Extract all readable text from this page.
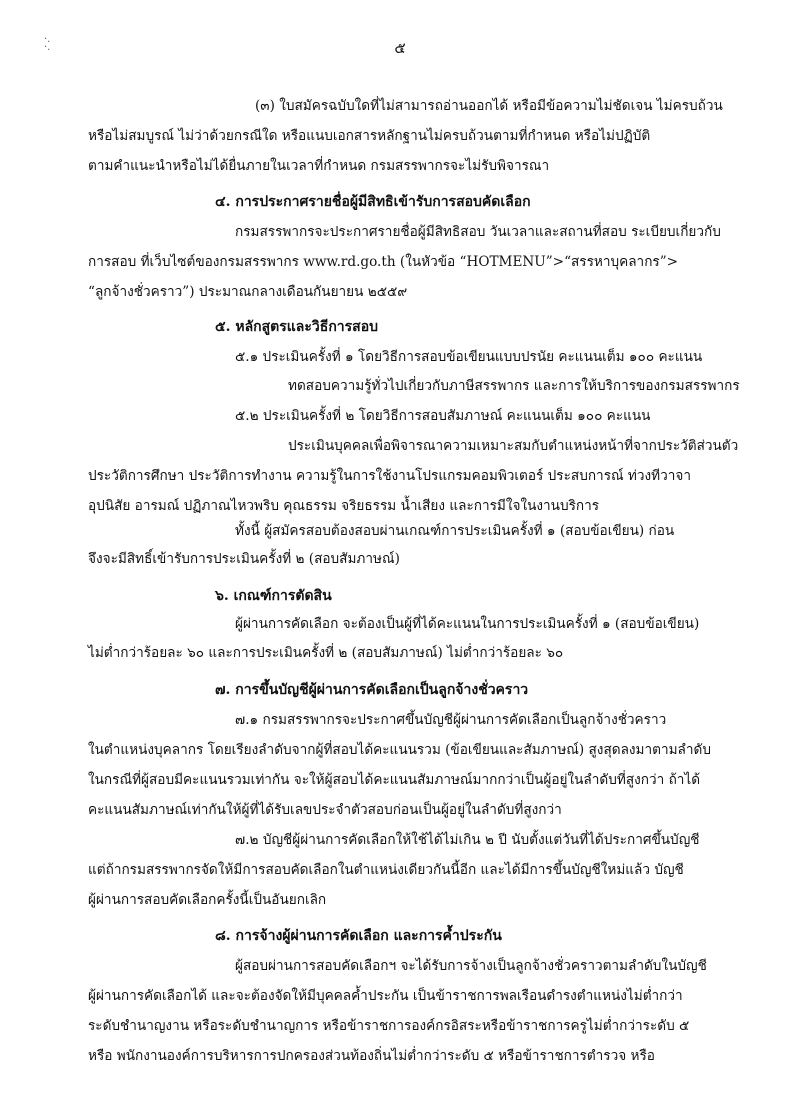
·.
·.	๕
(๓) ใบสมัครฉบับใดที่ไม่สามารถอ่านออกได้ หรือมีข้อความไม่ชัดเจน ไม่ครบถ้วน
หรือไม่สมบูรณ์ ไม่ว่าด้วยกรณีใด หรือแนบเอกสารหลักฐานไม่ครบถ้วนตามที่กำหนด หรือไม่ปฏิบัติ
ตามคำแนะนำหรือไม่ได้ยื่นภายในเวลาที่กำหนด กรมสรรพากรจะไม่รับพิจารณา
๔. การประกาศรายชื่อผู้มีสิทธิเข้ารับการสอบคัดเลือก
กรมสรรพากรจะประกาศรายชื่อผู้มีสิทธิสอบ วันเวลาและสถานที่สอบ ระเบียบเกี่ยวกับ
การสอบ ที่เว็บไซต์ของกรมสรรพากร www.rd.go.th (ในหัวข้อ “HOTMENU”>“สรรหาบุคลากร”>
“ลูกจ้างชั่วคราว”) ประมาณกลางเดือนกันยายน ๒๕๕๙
๕. หลักสูตรและวิธีการสอบ
๕.๑ ประเมินครั้งที่ ๑ โดยวิธีการสอบข้อเขียนแบบปรนัย คะแนนเต็ม ๑๐๐ คะแนน
ทดสอบความรู้ทั่วไปเกี่ยวกับภาษีสรรพากร และการให้บริการของกรมสรรพากร
๕.๒ ประเมินครั้งที่ ๒ โดยวิธีการสอบสัมภาษณ์ คะแนนเต็ม ๑๐๐ คะแนน
ประเมินบุคคลเพื่อพิจารณาความเหมาะสมกับตำแหน่งหน้าที่จากประวัติส่วนตัว
ประวัติการศึกษา ประวัติการทำงาน ความรู้ในการใช้งานโปรแกรมคอมพิวเตอร์ ประสบการณ์ ท่วงทีวาจา
อุปนิสัย อารมณ์ ปฏิภาณไหวพริบ คุณธรรม จริยธรรม น้ำเสียง และการมีใจในงานบริการ
ทั้งนี้ ผู้สมัครสอบต้องสอบผ่านเกณฑ์การประเมินครั้งที่ ๑ (สอบข้อเขียน) ก่อน
จึงจะมีสิทธิ์เข้ารับการประเมินครั้งที่ ๒ (สอบสัมภาษณ์)
๖. เกณฑ์การตัดสิน
ผู้ผ่านการคัดเลือก จะต้องเป็นผู้ที่ได้คะแนนในการประเมินครั้งที่ ๑ (สอบข้อเขียน)
ไม่ต่ำกว่าร้อยละ ๖๐ และการประเมินครั้งที่ ๒ (สอบสัมภาษณ์) ไม่ต่ำกว่าร้อยละ ๖๐
๗. การขึ้นบัญชีผู้ผ่านการคัดเลือกเป็นลูกจ้างชั่วคราว
๗.๑ กรมสรรพากรจะประกาศขึ้นบัญชีผู้ผ่านการคัดเลือกเป็นลูกจ้างชั่วคราว
ในตำแหน่งบุคลากร โดยเรียงลำดับจากผู้ที่สอบได้คะแนนรวม (ข้อเขียนและสัมภาษณ์) สูงสุดลงมาตามลำดับ
ในกรณีที่ผู้สอบมีคะแนนรวมเท่ากัน จะให้ผู้สอบได้คะแนนสัมภาษณ์มากกว่าเป็นผู้อยู่ในลำดับที่สูงกว่า ถ้าได้
คะแนนสัมภาษณ์เท่ากันให้ผู้ที่ได้รับเลขประจำตัวสอบก่อนเป็นผู้อยู่ในลำดับที่สูงกว่า
๗.๒ บัญชีผู้ผ่านการคัดเลือกให้ใช้ได้ไม่เกิน ๒ ปี นับตั้งแต่วันที่ได้ประกาศขึ้นบัญชี
แต่ถ้ากรมสรรพากรจัดให้มีการสอบคัดเลือกในตำแหน่งเดียวกันนี้อีก และได้มีการขึ้นบัญชีใหม่แล้ว บัญชี
ผู้ผ่านการสอบคัดเลือกครั้งนี้เป็นอันยกเลิก
๘. การจ้างผู้ผ่านการคัดเลือก และการค้ำประกัน
ผู้สอบผ่านการสอบคัดเลือกฯ จะได้รับการจ้างเป็นลูกจ้างชั่วคราวตามลำดับในบัญชี
ผู้ผ่านการคัดเลือกได้ และจะต้องจัดให้มีบุคคลค้ำประกัน เป็นข้าราชการพลเรือนดำรงตำแหน่งไม่ต่ำกว่า
ระดับชำนาญงาน หรือระดับชำนาญการ หรือข้าราชการองค์กรอิสระหรือข้าราชการครูไม่ต่ำกว่าระดับ ๕
หรือ พนักงานองค์การบริหารการปกครองส่วนท้องถิ่นไม่ต่ำกว่าระดับ ๕ หรือข้าราชการตำรวจ หรือ
